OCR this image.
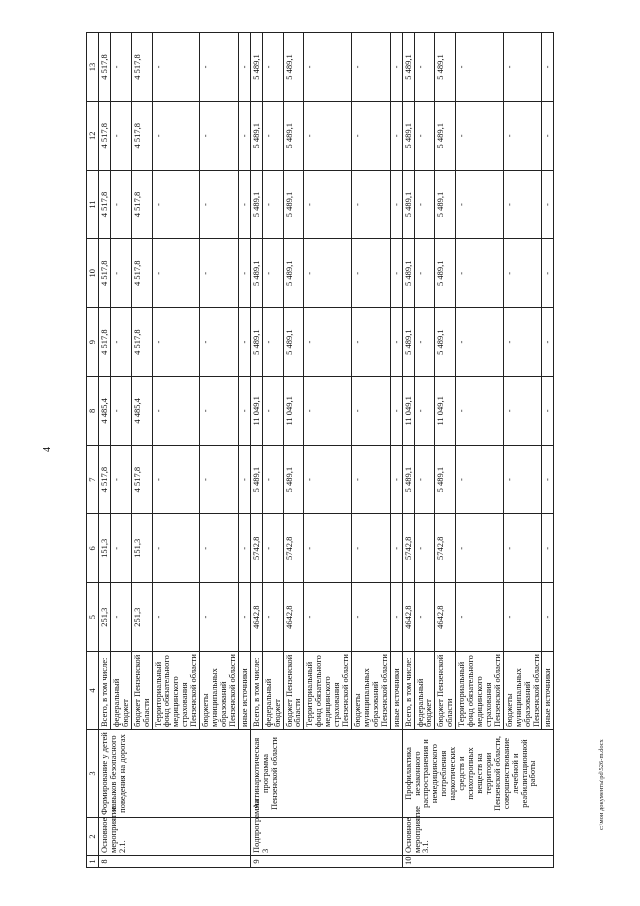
4
1	2	3	4	5	6	7	8	9	10	11	12	13
8	Основное мероприятие 2.1.	Формирование у детей навыков безопасного поведения на дорогах	Всего, в том числе:	251,3	151,3	4 517,8	4 485,4	4 517,8	4 517,8	4 517,8	4 517,8	4 517,8
			федеральный бюджет	-	-	-	-	-	-	-	-	-
			бюджет Пензенской области	251,3	151,3	4 517,8	4 485,4	4 517,8	4 517,8	4 517,8	4 517,8	4 517,8
			Территориальный фонд обязательного медицинского страхования Пензенской области	-	-	-	-	-	-	-	-	-
			бюджеты муниципальных образований Пензенской области	-	-	-	-	-	-	-	-	-
			иные источники	-	-	-	-	-	-	-	-	-
9	Подпрограмма 3	Антинаркотическая программа Пензенской области	Всего, в том числе:	4642,8	5742,8	5 489,1	11 049,1	5 489,1	5 489,1	5 489,1	5 489,1	5 489,1
			федеральный бюджет	-	-	-	-	-	-	-	-	-
			бюджет Пензенской области	4642,8	5742,8	5 489,1	11 049,1	5 489,1	5 489,1	5 489,1	5 489,1	5 489,1
			Территориальный фонд обязательного медицинского страхования Пензенской области	-	-	-	-	-	-	-	-	-
			бюджеты муниципальных образований Пензенской области	-	-	-	-	-	-	-	-	-
			иные источники	-	-	-	-	-	-	-	-	-
10	Основное мероприятие 3.1.	Профилактика незаконного распространения и немедицинского потребления наркотических средств и психотропных веществ на территории Пензенской области, совершенствование лечебной и реабилитационной работы	Всего, в том числе:	4642,8	5742,8	5 489,1	11 049,1	5 489,1	5 489,1	5 489,1	5 489,1	5 489,1
			федеральный бюджет	-	-	-	-	-	-	-	-	-
			бюджет Пензенской области	4642,8	5742,8	5 489,1	11 049,1	5 489,1	5 489,1	5 489,1	5 489,1	5 489,1
			Территориальный фонд обязательного медицинского страхования Пензенской области	-	-	-	-	-	-	-	-	-
			бюджеты муниципальных образований Пензенской области	-	-	-	-	-	-	-	-	-
			иные источники	-	-	-	-	-	-	-	-	-
c:\мои документы\pd\526-m.docx
